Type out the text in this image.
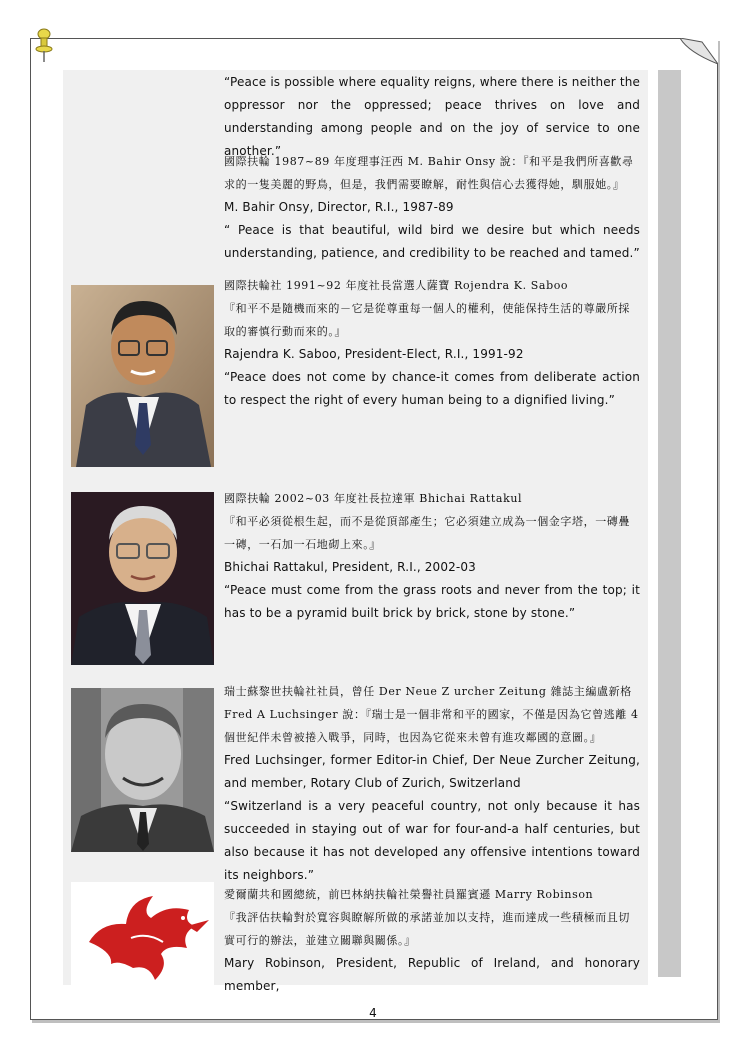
“Peace is possible where equality reigns, where there is neither the oppressor nor the oppressed; peace thrives on love and understanding among people and on the joy of service to one another.”

國際扶輪 1987~89 年度理事汪西 M. Bahir Onsy 說：『和平是我們所喜歡尋求的一隻美麗的野鳥，但是，我們需要瞭解，耐性與信心去獲得她，馴服她。』

M. Bahir Onsy, Director, R.I., 1987-89

“ Peace is that beautiful, wild bird we desire but which needs understanding, patience, and credibility to be reached and tamed.”

國際扶輪社 1991~92 年度社長當選人薩寶 Rojendra K. Saboo

『和平不是隨機而來的－它是從尊重每一個人的權利，使能保持生活的尊嚴所採取的審慎行動而來的。』

Rajendra K. Saboo, President-Elect, R.I., 1991-92

“Peace does not come by chance-it comes from deliberate action to respect the right of every human being to a dignified living.”

國際扶輪 2002~03 年度社長拉達軍 Bhichai Rattakul

『和平必須從根生起，而不是從頂部產生；它必須建立成為一個金字塔，一磚疊一磚，一石加一石地砌上來。』

Bhichai Rattakul, President, R.I., 2002-03

“Peace must come from the grass roots and never from the top; it has to be a pyramid built brick by brick, stone by stone.”

瑞士蘇黎世扶輪社社員，曾任 Der Neue Z urcher Zeitung 雜誌主編盧新格 Fred A Luchsinger 說：『瑞士是一個非常和平的國家，不僅是因為它曾逃離 4 個世紀伴未曾被捲入戰爭，同時，也因為它從來未曾有進攻鄰國的意圖。』

Fred Luchsinger, former Editor-in Chief, Der Neue Zurcher Zeitung, and member, Rotary Club of Zurich, Switzerland

“Switzerland is a very peaceful country, not only because it has succeeded in staying out of war for four-and-a half centuries, but also because it has not developed any offensive intentions toward its neighbors.”

愛爾蘭共和國總統，前巴林納扶輪社榮譽社員羅賓遜 Marry Robinson

『我評估扶輪對於寬容與瞭解所做的承諾並加以支持，進而達成一些積極而且切實可行的辦法，並建立關聯與關係。』

Mary Robinson, President, Republic of Ireland, and honorary member,

4
